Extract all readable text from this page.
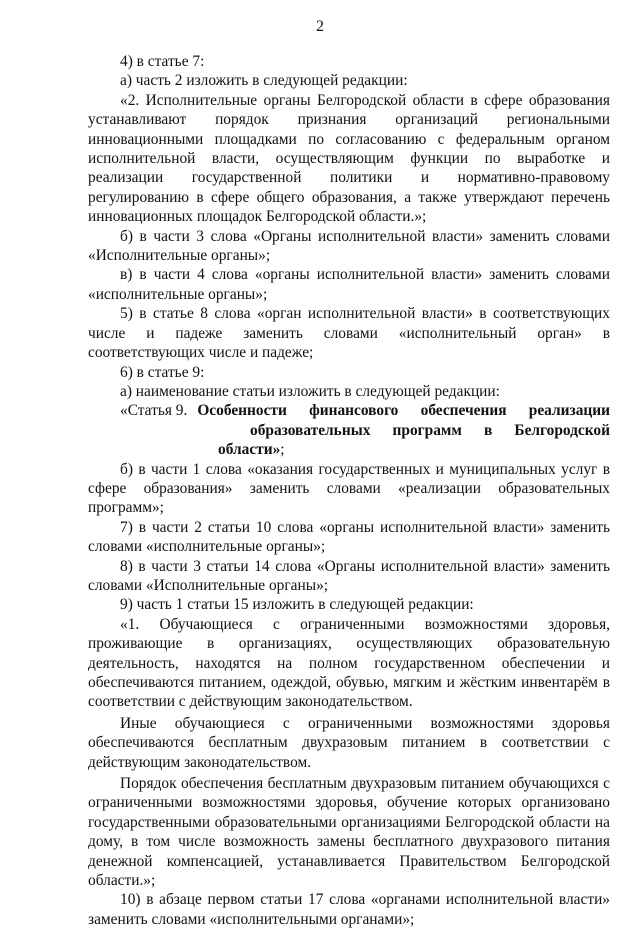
2

4) в статье 7:

а) часть 2 изложить в следующей редакции:

«2. Исполнительные органы Белгородской области в сфере образования устанавливают порядок признания организаций региональными инновационными площадками по согласованию с федеральным органом исполнительной власти, осуществляющим функции по выработке и реализации государственной политики и нормативно-правовому регулированию в сфере общего образования, а также утверждают перечень инновационных площадок Белгородской области.»;

б) в части 3 слова «Органы исполнительной власти» заменить словами «Исполнительные органы»;

в) в части 4 слова «органы исполнительной власти» заменить словами «исполнительные органы»;

5) в статье 8 слова «орган исполнительной власти» в соответствующих числе и падеже заменить словами «исполнительный орган» в соответствующих числе и падеже;

6) в статье 9:

а) наименование статьи изложить в следующей редакции:

«Статья 9. Особенности финансового обеспечения реализации

образовательных программ в Белгородской области»;

б) в части 1 слова «оказания государственных и муниципальных услуг в сфере образования» заменить словами «реализации образовательных программ»;

7) в части 2 статьи 10 слова «органы исполнительной власти» заменить словами «исполнительные органы»;

8) в части 3 статьи 14 слова «Органы исполнительной власти» заменить словами «Исполнительные органы»;

9) часть 1 статьи 15 изложить в следующей редакции:

«1. Обучающиеся с ограниченными возможностями здоровья, проживающие в организациях, осуществляющих образовательную деятельность, находятся на полном государственном обеспечении и обеспечиваются питанием, одеждой, обувью, мягким и жёстким инвентарём в соответствии с действующим законодательством.

Иные обучающиеся с ограниченными возможностями здоровья обеспечиваются бесплатным двухразовым питанием в соответствии с действующим законодательством.

Порядок обеспечения бесплатным двухразовым питанием обучающихся с ограниченными возможностями здоровья, обучение которых организовано государственными образовательными организациями Белгородской области на дому, в том числе возможность замены бесплатного двухразового питания денежной компенсацией, устанавливается Правительством Белгородской области.»;

10) в абзаце первом статьи 17 слова «органами исполнительной власти» заменить словами «исполнительными органами»;
